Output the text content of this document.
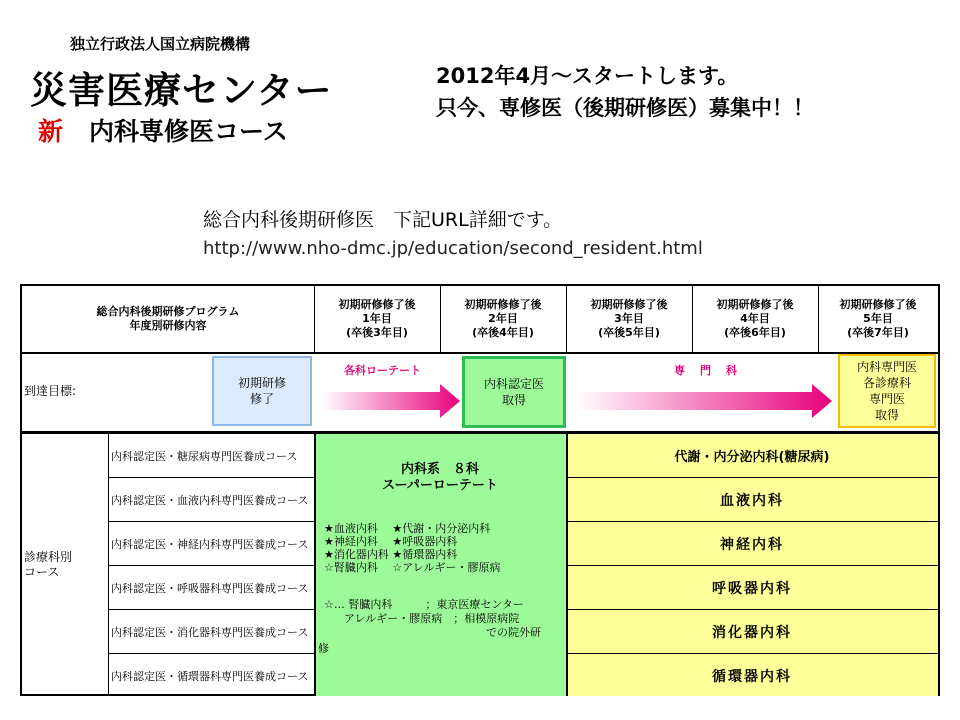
独立行政法人国立病院機構
災害医療センター
新 内科専修医コース
2012年4月～スタートします。
只今、専修医（後期研修医）募集中！！
総合内科後期研修医　下記URL詳細です。
http://www.nho-dmc.jp/education/second_resident.html
総合内科後期研修プログラム
年度別研修内容
初期研修修了後
1年目
(卒後3年目)
初期研修修了後
2年目
(卒後4年目)
初期研修修了後
3年目
(卒後5年目)
初期研修修了後
4年目
(卒後6年目)
初期研修修了後
5年目
(卒後7年目)
到達目標:
初期研修
修了
各科ローテート
内科認定医
取得
専　門　科	内科専門医
各診療科
専門医
取得
診療科別
コース
内科認定医・糖尿病専門医養成コース
内科認定医・血液内科専門医養成コース
内科認定医・神経内科専門医養成コース
内科認定医・呼吸器科専門医養成コース
内科認定医・消化器科専門医養成コース
内科認定医・循環器科専門医養成コース
内科系　８科
スーパーローテート
★血液内科　 ★代謝・内分泌内科
★神経内科　 ★呼吸器内科
★消化器内科 ★循環器内科
☆腎臓内科　 ☆アレルギー・膠原病
☆… 腎臓内科　　　；東京医療センター
アレルギー・膠原病　；相模原病院
での院外研
修
代謝・内分泌内科(糖尿病)
血液内科
神経内科
呼吸器内科
消化器内科
循環器内科
